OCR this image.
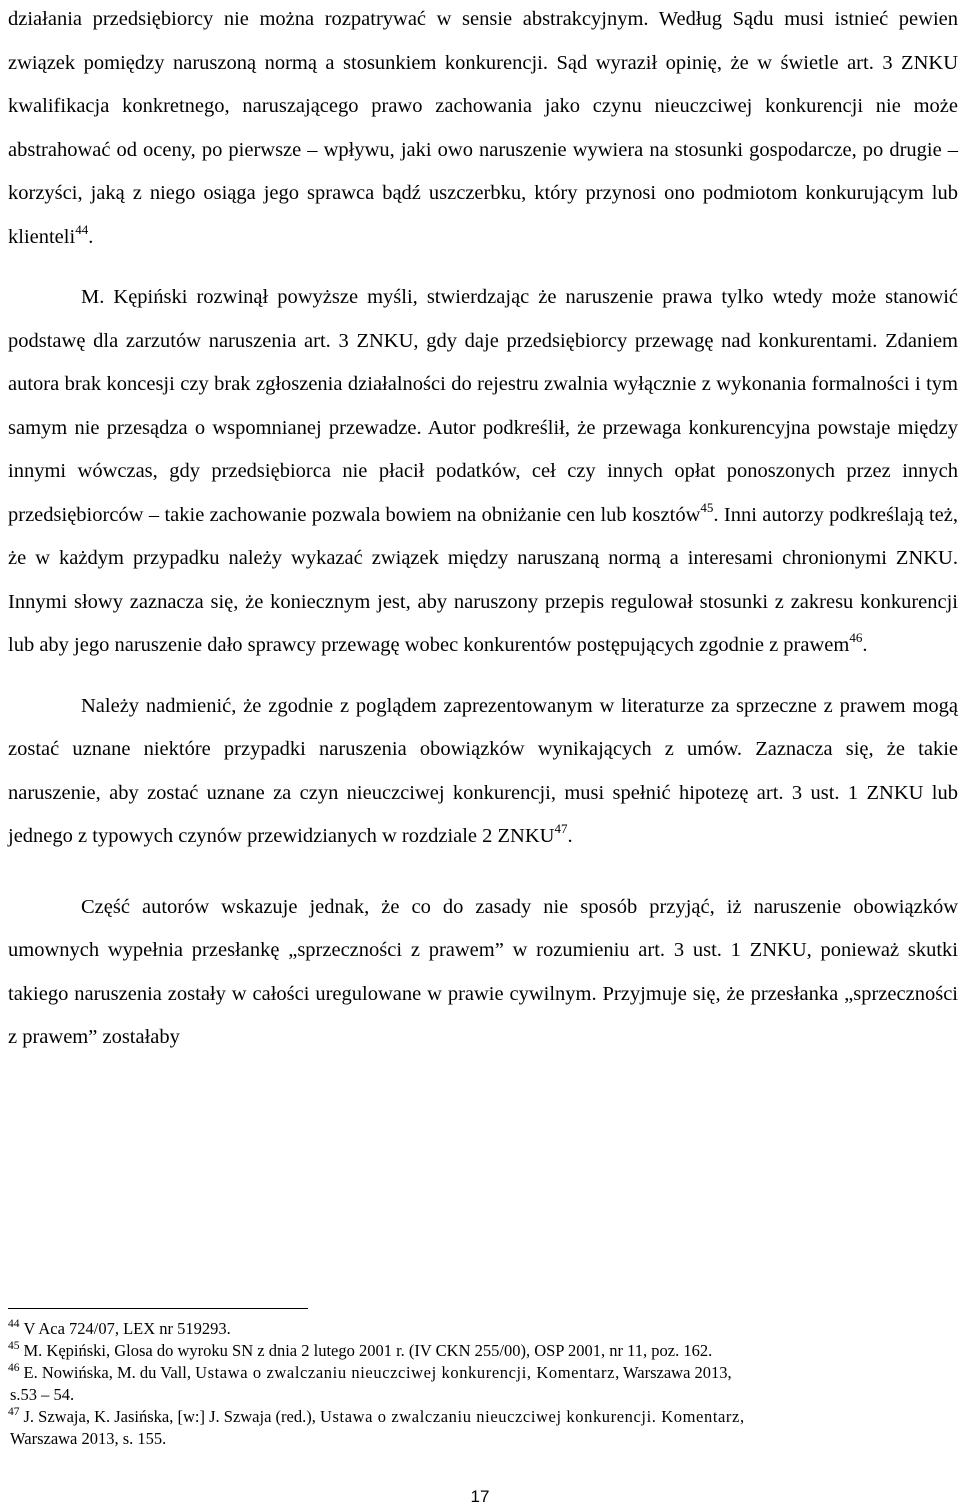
działania przedsiębiorcy nie można rozpatrywać w sensie abstrakcyjnym. Według Sądu musi istnieć pewien związek pomiędzy naruszoną normą a stosunkiem konkurencji. Sąd wyraził opinię, że w świetle art. 3 ZNKU kwalifikacja konkretnego, naruszającego prawo zachowania jako czynu nieuczciwej konkurencji nie może abstrahować od oceny, po pierwsze – wpływu, jaki owo naruszenie wywiera na stosunki gospodarcze, po drugie – korzyści, jaką z niego osiąga jego sprawca bądź uszczerbku, który przynosi ono podmiotom konkurującym lub klienteli$^{44}$.

M. Kępiński rozwinął powyższe myśli, stwierdzając że naruszenie prawa tylko wtedy może stanowić podstawę dla zarzutów naruszenia art. 3 ZNKU, gdy daje przedsiębiorcy przewagę nad konkurentami. Zdaniem autora brak koncesji czy brak zgłoszenia działalności do rejestru zwalnia wyłącznie z wykonania formalności i tym samym nie przesądza o wspomnianej przewadze. Autor podkreślił, że przewaga konkurencyjna powstaje między innymi wówczas, gdy przedsiębiorca nie płacił podatków, ceł czy innych opłat ponoszonych przez innych przedsiębiorców – takie zachowanie pozwala bowiem na obniżanie cen lub kosztów$^{45}$. Inni autorzy podkreślają też, że w każdym przypadku należy wykazać związek między naruszaną normą a interesami chronionymi ZNKU. Innymi słowy zaznacza się, że koniecznym jest, aby naruszony przepis regulował stosunki z zakresu konkurencji lub aby jego naruszenie dało sprawcy przewagę wobec konkurentów postępujących zgodnie z prawem$^{46}$.

Należy nadmienić, że zgodnie z poglądem zaprezentowanym w literaturze za sprzeczne z prawem mogą zostać uznane niektóre przypadki naruszenia obowiązków wynikających z umów. Zaznacza się, że takie naruszenie, aby zostać uznane za czyn nieuczciwej konkurencji, musi spełnić hipotezę art. 3 ust. 1 ZNKU lub jednego z typowych czynów przewidzianych w rozdziale 2 ZNKU$^{47}$.

Część autorów wskazuje jednak, że co do zasady nie sposób przyjąć, iż naruszenie obowiązków umownych wypełnia przesłankę „sprzeczności z prawem” w rozumieniu art. 3 ust. 1 ZNKU, ponieważ skutki takiego naruszenia zostały w całości uregulowane w prawie cywilnym. Przyjmuje się, że przesłanka „sprzeczności z prawem” zostałaby

$^{44}$ V Aca 724/07, LEX nr 519293.

$^{45}$ M. Kępiński, Glosa do wyroku SN z dnia 2 lutego 2001 r. (IV CKN 255/00), OSP 2001, nr 11, poz. 162.

$^{46}$ E. Nowińska, M. du Vall, Ustawa o zwalczaniu nieuczciwej konkurencji, Komentarz, Warszawa 2013,
s.53 – 54.

$^{47}$ J. Szwaja, K. Jasińska, [w:] J. Szwaja (red.), Ustawa o zwalczaniu nieuczciwej konkurencji. Komentarz,
Warszawa 2013, s. 155.

17
